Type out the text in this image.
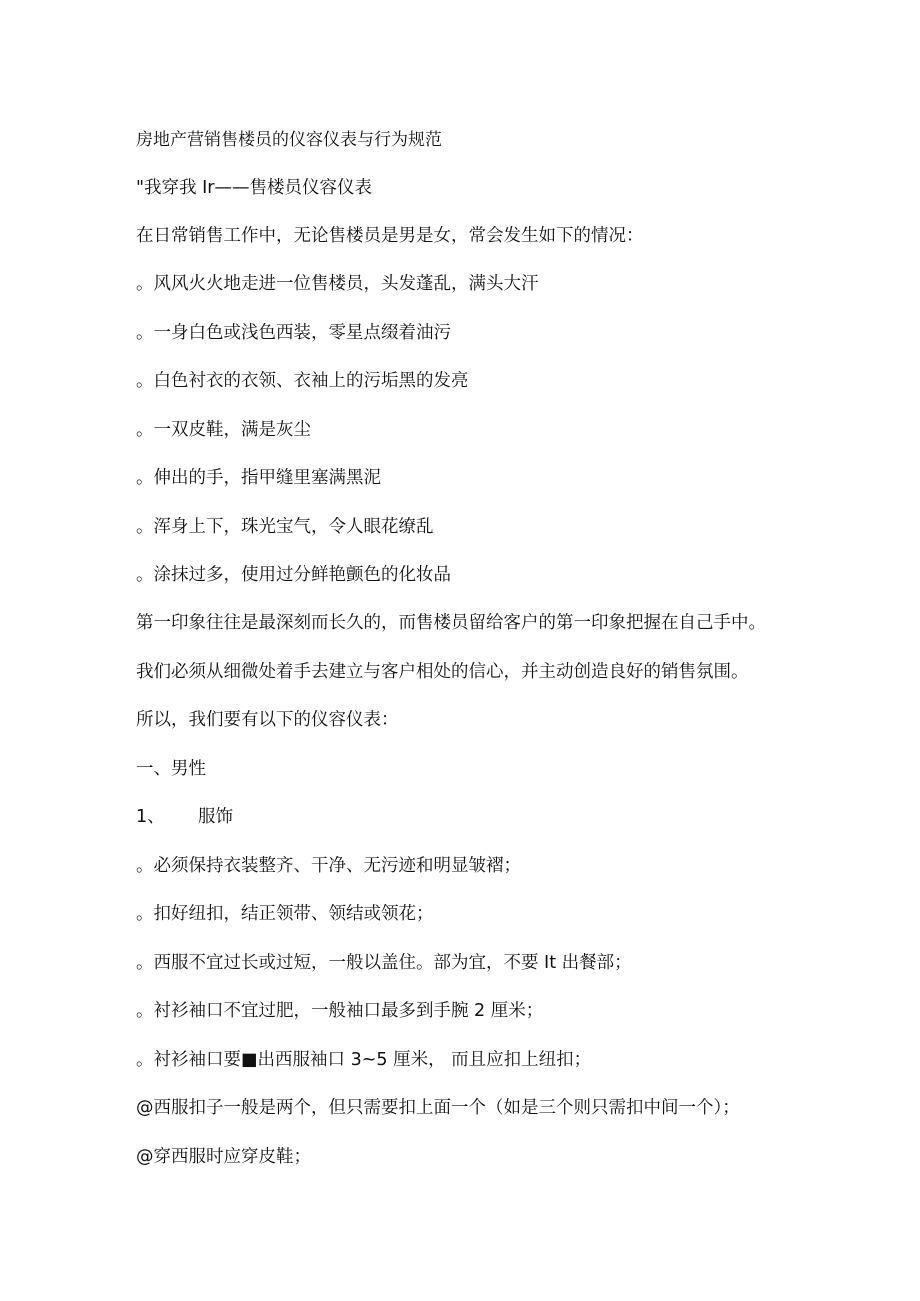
房地产营销售楼员的仪容仪表与行为规范
"我穿我 Ir——售楼员仪容仪表
在日常销售工作中，无论售楼员是男是女，常会发生如下的情况：
。风风火火地走进一位售楼员，头发蓬乱，满头大汗
。一身白色或浅色西装，零星点缀着油污
。白色衬衣的衣领、衣袖上的污垢黑的发亮
。一双皮鞋，满是灰尘
。伸出的手，指甲缝里塞满黑泥
。浑身上下，珠光宝气，令人眼花缭乱
。涂抹过多，使用过分鲜艳颤色的化妆品
第一印象往往是最深刻而长久的，而售楼员留给客户的第一印象把握在自己手中。
我们必须从细微处着手去建立与客户相处的信心，并主动创造良好的销售氛围。
所以，我们要有以下的仪容仪表：
一、男性
1、 服饰
。必须保持衣装整齐、干净、无污迹和明显皱褶；
。扣好纽扣，结正领带、领结或领花；
。西服不宜过长或过短，一般以盖住。部为宜，不要 It 出餐部；
。衬衫袖口不宜过肥，一般袖口最多到手腕 2 厘米；
。衬衫袖口要■出西服袖口 3~5 厘米， 而且应扣上纽扣；
@西服扣子一般是两个，但只需要扣上面一个（如是三个则只需扣中间一个）；
@穿西服时应穿皮鞋；
